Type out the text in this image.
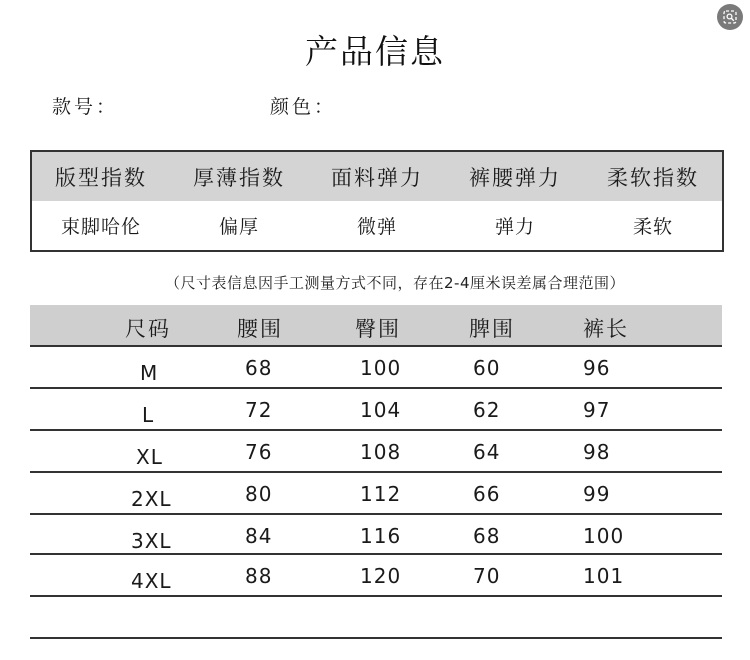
产品信息
款号：	颜色：
版型指数	厚薄指数	面料弹力	裤腰弹力	柔软指数
束脚哈伦	偏厚	微弹	弹力	柔软
（尺寸表信息因手工测量方式不同，存在2-4厘米误差属合理范围）
尺码	腰围	臀围	脾围	裤长
M	68	100	60	96
L	72	104	62	97
XL	76	108	64	98
2XL	80	112	66	99
3XL	84	116	68	100
4XL	88	120	70	101
